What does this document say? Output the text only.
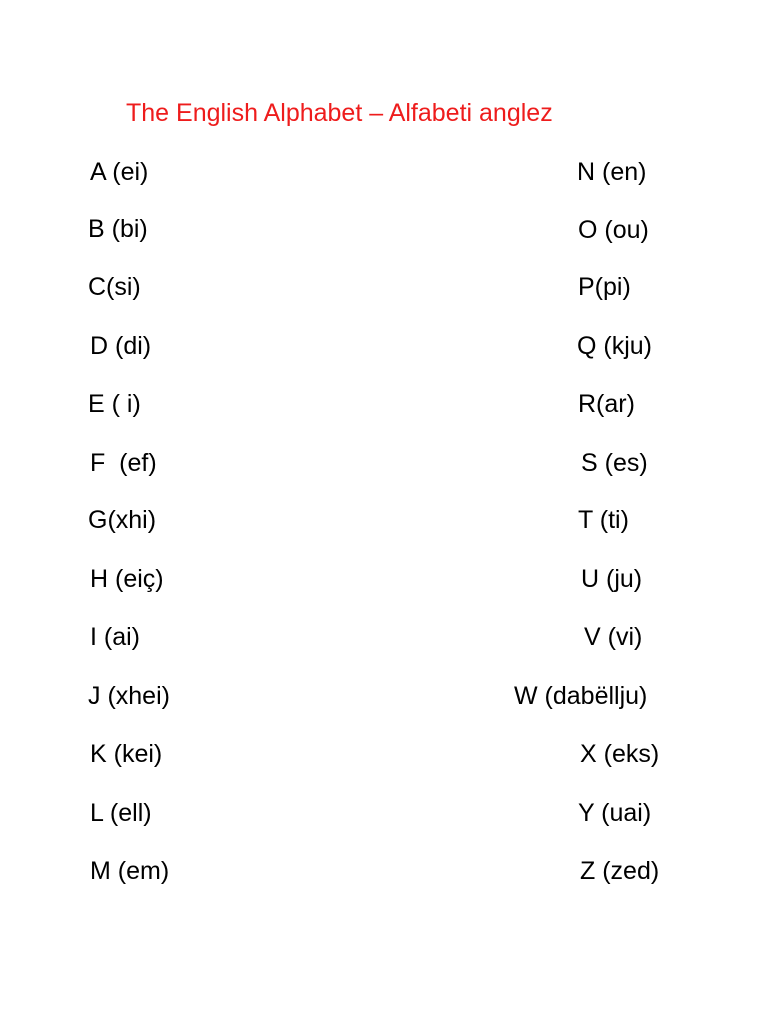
The English Alphabet – Alfabeti anglez
A (ei)
B (bi)
C(si)
D (di)
E ( i)
F  (ef)
G(xhi)
H (eiç)
I (ai)
J (xhei)
K (kei)
L (ell)
M (em)
N (en)
O (ou)
P(pi)
Q (kju)
R(ar)
S (es)
T (ti)
U (ju)
V (vi)
W (dabëllju)
X (eks)
Y (uai)
Z (zed)
